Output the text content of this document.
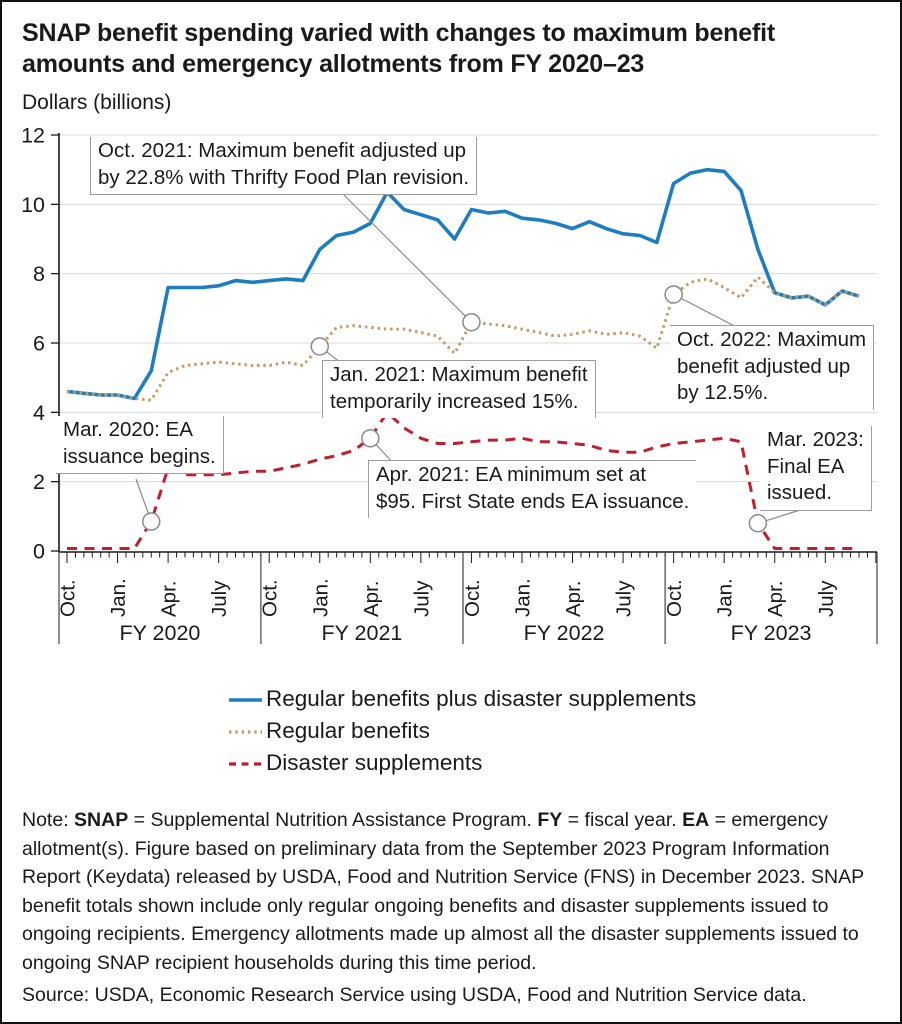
SNAP benefit spending varied with changes to maximum benefit amounts and emergency allotments from FY 2020–23
Dollars (billions)
0
2
4
6
8
10
12
Oct. Jan. Apr. July Oct. Jan. Apr. July Oct. Jan. Apr. July Oct. Jan. Apr. July
FY 2020	FY 2021	FY 2022	FY 2023
Mar. 2020: EA
issuance begins.
Oct. 2021: Maximum benefit adjusted up
by 22.8% with Thrifty Food Plan revision.
Jan. 2021: Maximum benefit
temporarily increased 15%.
Apr. 2021: EA minimum set at
$95. First State ends EA issuance.
Oct. 2022: Maximum
benefit adjusted up
by 12.5%.
Mar. 2023:
Final EA
issued.
Regular benefits plus disaster supplements
Regular benefits
Disaster supplements
Note: SNAP = Supplemental Nutrition Assistance Program. FY = fiscal year. EA = emergency allotment(s). Figure based on preliminary data from the September 2023 Program Information Report (Keydata) released by USDA, Food and Nutrition Service (FNS) in December 2023. SNAP benefit totals shown include only regular ongoing benefits and disaster supplements issued to ongoing recipients. Emergency allotments made up almost all the disaster supplements issued to ongoing SNAP recipient households during this time period.
Source: USDA, Economic Research Service using USDA, Food and Nutrition Service data.
